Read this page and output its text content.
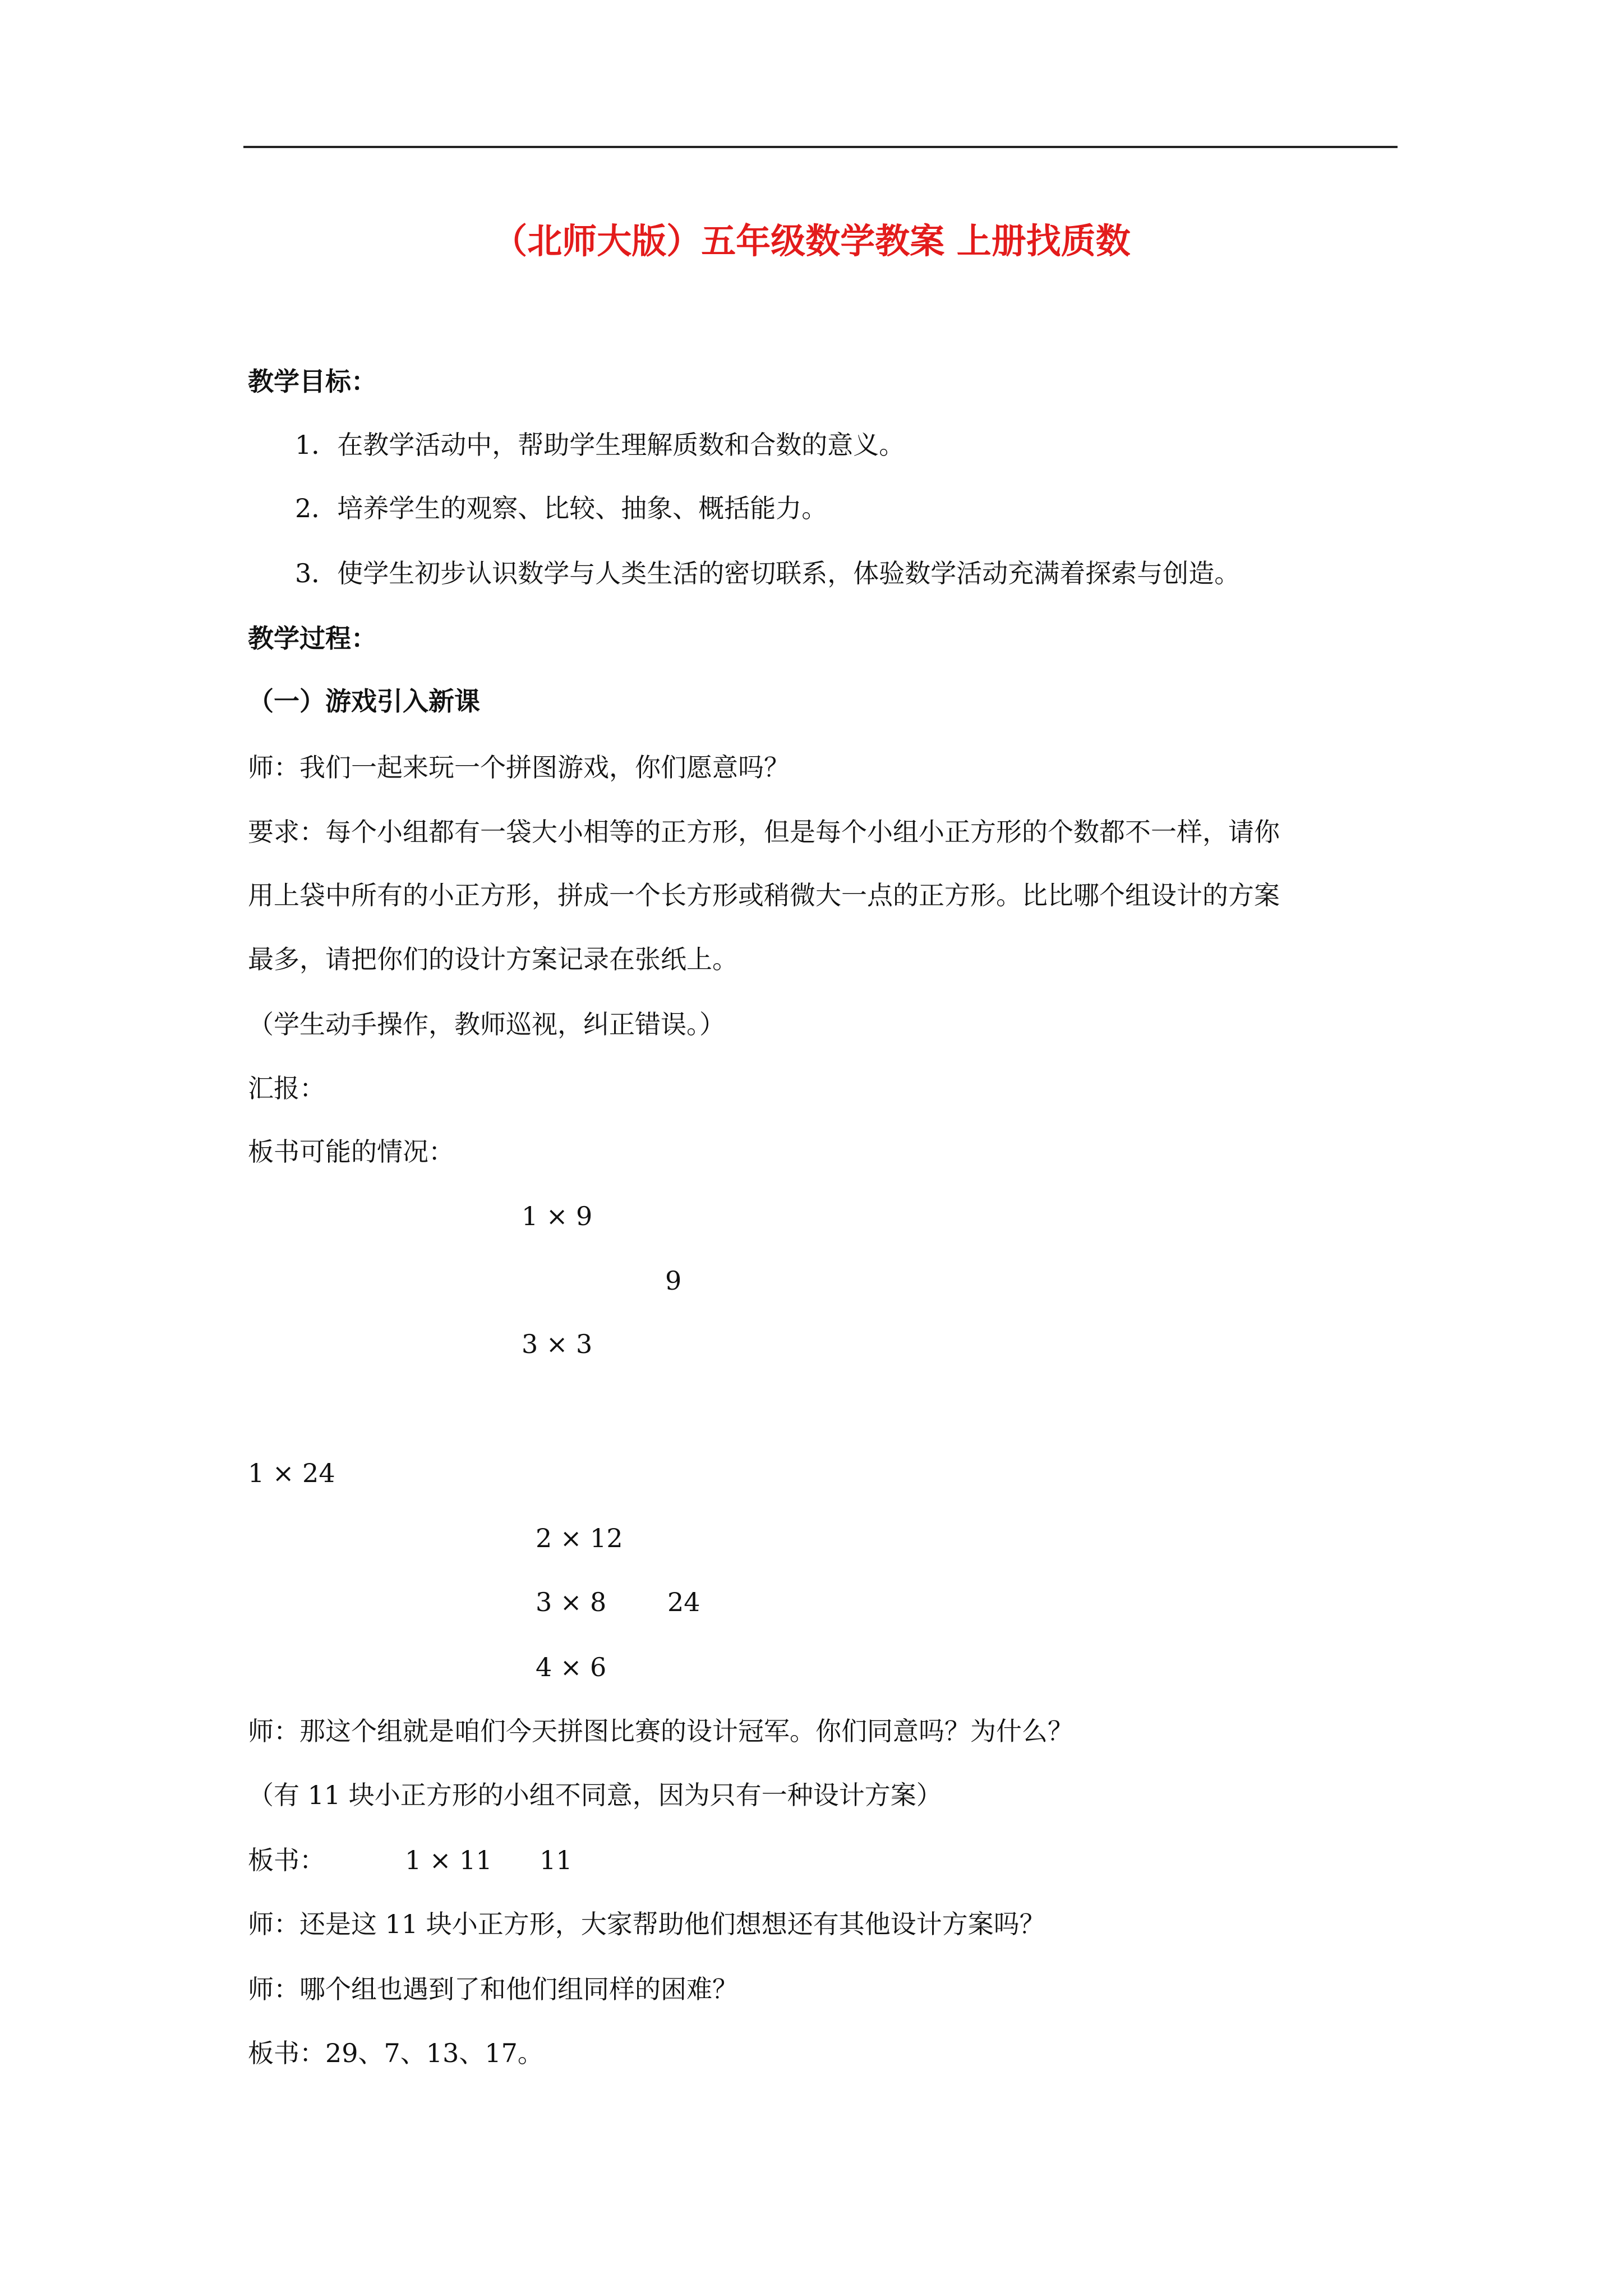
（北师大版）五年级数学教案 上册找质数
教学目标：
1．在教学活动中，帮助学生理解质数和合数的意义。
2．培养学生的观察、比较、抽象、概括能力。
3．使学生初步认识数学与人类生活的密切联系，体验数学活动充满着探索与创造。
教学过程：
（一）游戏引入新课
师：我们一起来玩一个拼图游戏，你们愿意吗？
要求：每个小组都有一袋大小相等的正方形，但是每个小组小正方形的个数都不一样，请你
用上袋中所有的小正方形，拼成一个长方形或稍微大一点的正方形。比比哪个组设计的方案
最多，请把你们的设计方案记录在张纸上。
（学生动手操作，教师巡视，纠正错误。）
汇报：
板书可能的情况：
1 × 9
9
3 × 3
1 × 24
2 × 12
3 × 8 24
4 × 6
师：那这个组就是咱们今天拼图比赛的设计冠军。你们同意吗？为什么？
（有 11 块小正方形的小组不同意，因为只有一种设计方案）
板书：	1 × 11 11
师：还是这 11 块小正方形，大家帮助他们想想还有其他设计方案吗？
师：哪个组也遇到了和他们组同样的困难？
板书：29、7、13、17。
